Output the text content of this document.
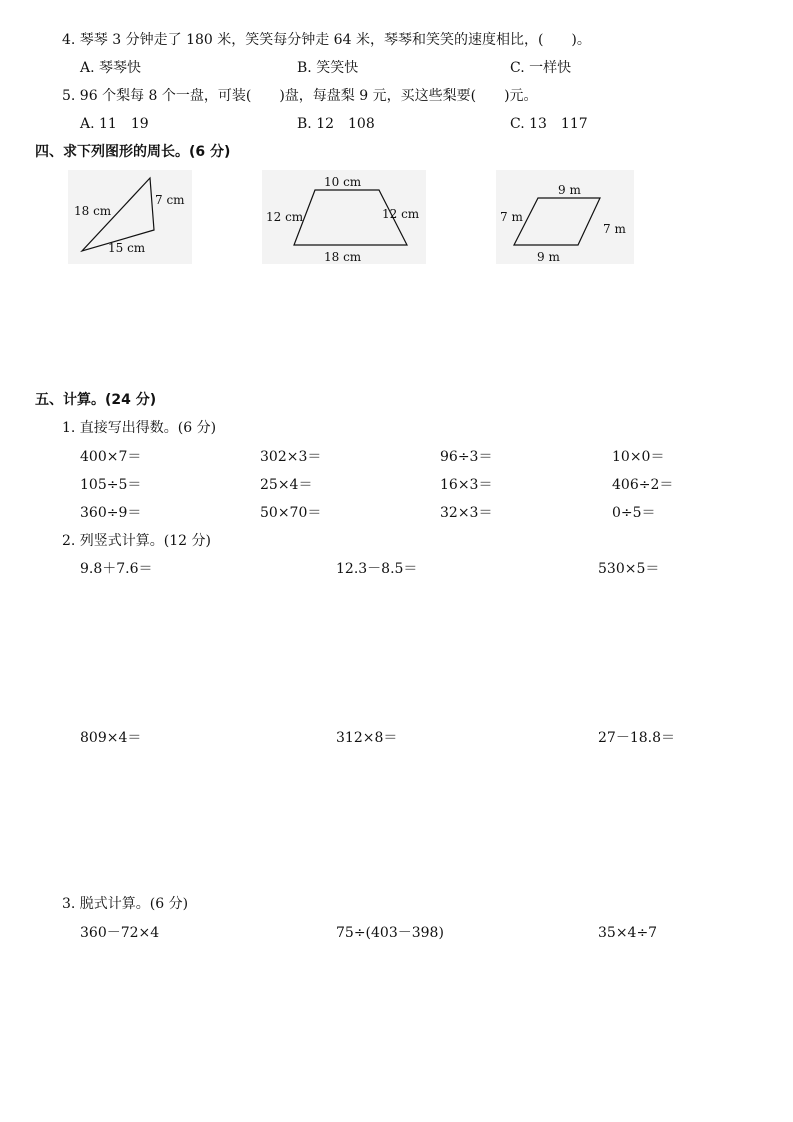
4. 琴琴 3 分钟走了 180 米，笑笑每分钟走 64 米，琴琴和笑笑的速度相比，(　　)。
A. 琴琴快	B. 笑笑快	C. 一样快
5. 96 个梨每 8 个一盘，可装(　　)盘，每盘梨 9 元，买这些梨要(　　)元。
A. 11　19	B. 12　108	C. 13　117
四、求下列图形的周长。(6 分)
18 cm
7 cm
15 cm
10 cm
12 cm	12 cm
18 cm
9 m
7 m
7 m
9 m
五、计算。(24 分)
1. 直接写出得数。(6 分)
400×7＝	302×3＝	96÷3＝	10×0＝
105÷5＝	25×4＝	16×3＝	406÷2＝
360÷9＝	50×70＝	32×3＝	0÷5＝
2. 列竖式计算。(12 分)
9.8＋7.6＝	12.3－8.5＝	530×5＝
809×4＝	312×8＝	27－18.8＝
3. 脱式计算。(6 分)
360－72×4	75÷(403－398)	35×4÷7
